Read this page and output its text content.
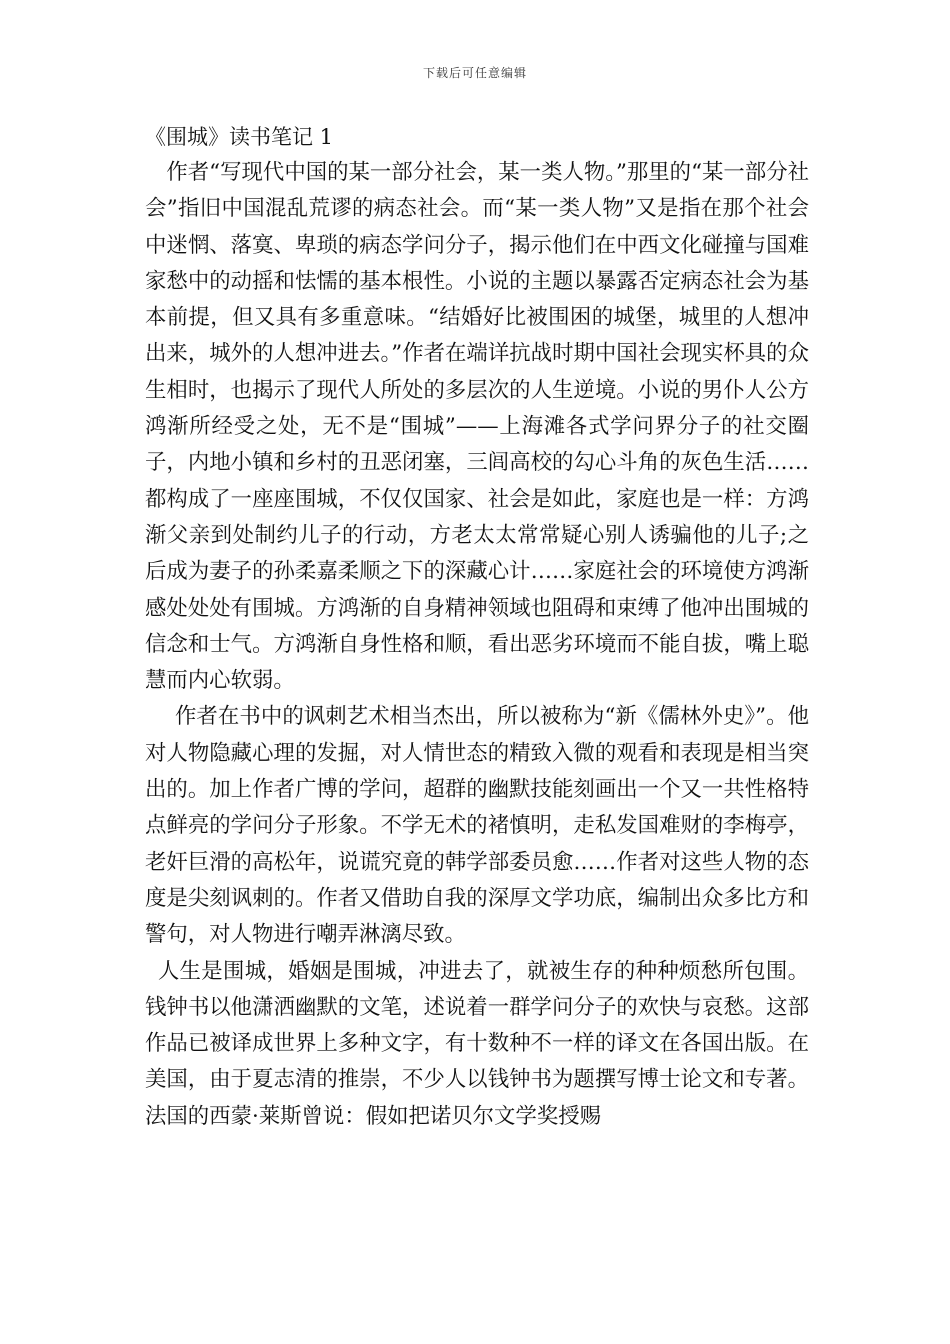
下载后可任意编辑
《围城》读书笔记 1

作者“写现代中国的某一部分社会，某一类人物。”那里的“某一部分社会”指旧中国混乱荒谬的病态社会。而“某一类人物”又是指在那个社会中迷惘、落寞、卑琐的病态学问分子，揭示他们在中西文化碰撞与国难家愁中的动摇和怯懦的基本根性。小说的主题以暴露否定病态社会为基本前提，但又具有多重意味。“结婚好比被围困的城堡，城里的人想冲出来，城外的人想冲进去。”作者在端详抗战时期中国社会现实杯具的众生相时，也揭示了现代人所处的多层次的人生逆境。小说的男仆人公方鸿渐所经受之处，无不是“围城”——上海滩各式学问界分子的社交圈子，内地小镇和乡村的丑恶闭塞，三闾高校的勾心斗角的灰色生活……都构成了一座座围城，不仅仅国家、社会是如此，家庭也是一样：方鸿渐父亲到处制约儿子的行动，方老太太常常疑心别人诱骗他的儿子;之后成为妻子的孙柔嘉柔顺之下的深藏心计……家庭社会的环境使方鸿渐感处处处有围城。方鸿渐的自身精神领域也阻碍和束缚了他冲出围城的信念和士气。方鸿渐自身性格和顺，看出恶劣环境而不能自拔，嘴上聪慧而内心软弱。

作者在书中的讽刺艺术相当杰出，所以被称为“新《儒林外史》”。他对人物隐藏心理的发掘，对人情世态的精致入微的观看和表现是相当突出的。加上作者广博的学问，超群的幽默技能刻画出一个又一共性格特点鲜亮的学问分子形象。不学无术的褚慎明，走私发国难财的李梅亭，老奸巨滑的高松年，说谎究竟的韩学部委员愈……作者对这些人物的态度是尖刻讽刺的。作者又借助自我的深厚文学功底，编制出众多比方和警句，对人物进行嘲弄淋漓尽致。

人生是围城，婚姻是围城，冲进去了，就被生存的种种烦愁所包围。钱钟书以他潇洒幽默的文笔，述说着一群学问分子的欢快与哀愁。这部作品已被译成世界上多种文字，有十数种不一样的译文在各国出版。在美国，由于夏志清的推崇，不少人以钱钟书为题撰写博士论文和专著。法国的西蒙·莱斯曾说：假如把诺贝尔文学奖授赐
